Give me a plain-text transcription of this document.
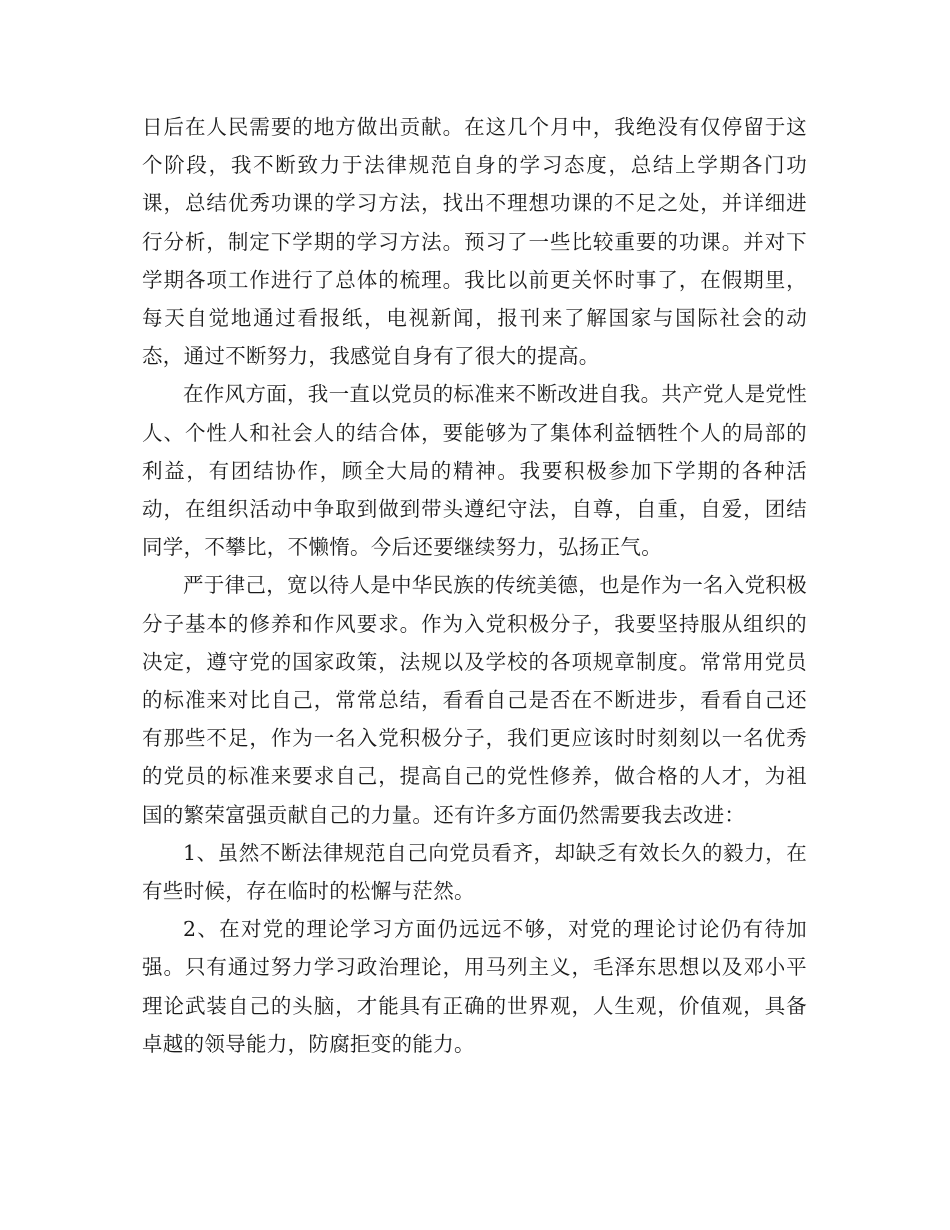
日后在人民需要的地方做出贡献。在这几个月中，我绝没有仅停留于这个阶段，我不断致力于法律规范自身的学习态度，总结上学期各门功课，总结优秀功课的学习方法，找出不理想功课的不足之处，并详细进行分析，制定下学期的学习方法。预习了一些比较重要的功课。并对下学期各项工作进行了总体的梳理。我比以前更关怀时事了，在假期里，每天自觉地通过看报纸，电视新闻，报刊来了解国家与国际社会的动态，通过不断努力，我感觉自身有了很大的提高。

在作风方面，我一直以党员的标准来不断改进自我。共产党人是党性人、个性人和社会人的结合体，要能够为了集体利益牺牲个人的局部的利益，有团结协作，顾全大局的精神。我要积极参加下学期的各种活动，在组织活动中争取到做到带头遵纪守法，自尊，自重，自爱，团结同学，不攀比，不懒惰。今后还要继续努力，弘扬正气。

严于律己，宽以待人是中华民族的传统美德，也是作为一名入党积极分子基本的修养和作风要求。作为入党积极分子，我要坚持服从组织的决定，遵守党的国家政策，法规以及学校的各项规章制度。常常用党员的标准来对比自己，常常总结，看看自己是否在不断进步，看看自己还有那些不足，作为一名入党积极分子，我们更应该时时刻刻以一名优秀的党员的标准来要求自己，提高自己的党性修养，做合格的人才，为祖国的繁荣富强贡献自己的力量。还有许多方面仍然需要我去改进：

1、虽然不断法律规范自己向党员看齐，却缺乏有效长久的毅力，在有些时候，存在临时的松懈与茫然。

2、在对党的理论学习方面仍远远不够，对党的理论讨论仍有待加强。只有通过努力学习政治理论，用马列主义，毛泽东思想以及邓小平理论武装自己的头脑，才能具有正确的世界观，人生观，价值观，具备卓越的领导能力，防腐拒变的能力。
